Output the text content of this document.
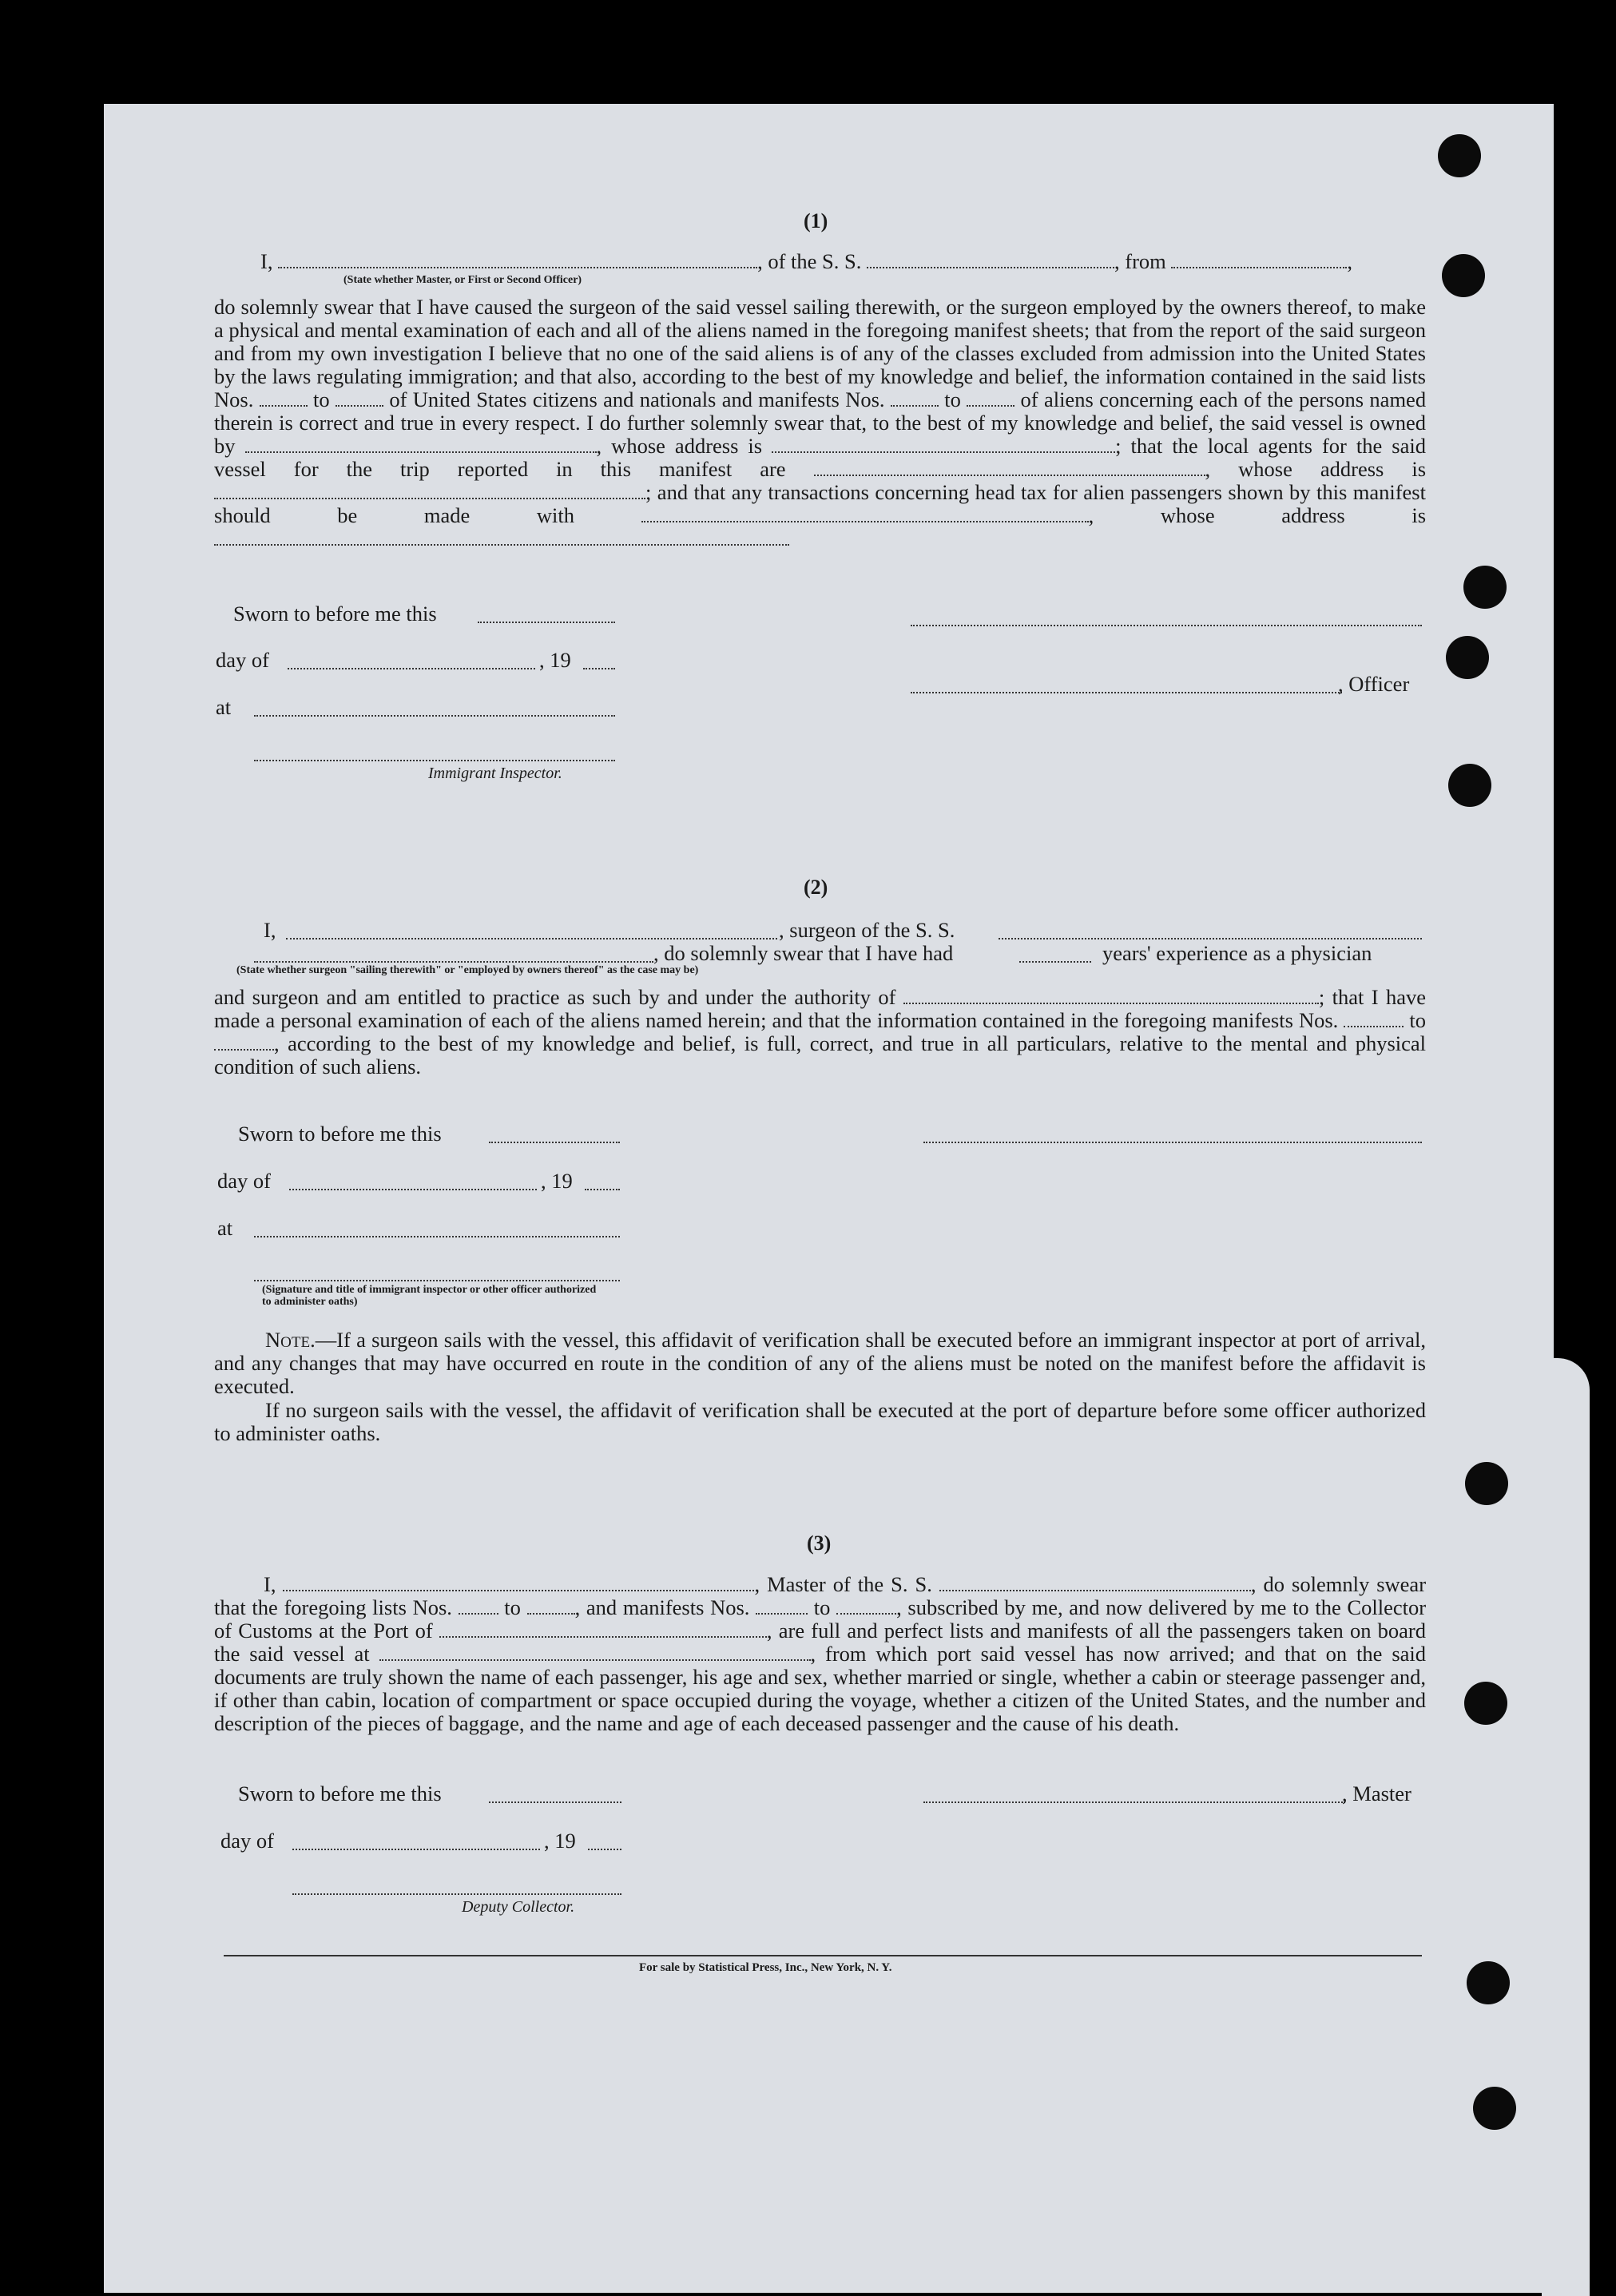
(1)
I,	, of the S. S.	, from	,
(State whether Master, or First or Second Officer)
do solemnly swear that I have caused the surgeon of the said vessel sailing therewith, or the surgeon employed by the owners thereof, to make a physical and mental examination of each and all of the aliens named in the foregoing manifest sheets; that from the report of the said surgeon and from my own investigation I believe that no one of the said aliens is of any of the classes excluded from admission into the United States by the laws regulating immigration; and that also, according to the best of my knowledge and belief, the information contained in the said lists Nos.	to	of United States citizens and nationals and manifests Nos.	to	of aliens concerning each of the persons named therein is correct and true in every respect. I do further solemnly swear that, to the best of my knowledge and belief, the said vessel is owned by	, whose address is	; that the local agents for the said vessel for the trip reported in this manifest are	, whose address is ; and that any transactions concerning head tax for alien passengers shown by this manifest should be made with	, whose address is
Sworn to before me this
day of	, 19
at
Immigrant Inspector.
, Officer
(2)
I,	, surgeon of the S. S.
, do solemnly swear that I have had	years' experience as a physician
(State whether surgeon "sailing therewith" or "employed by owners thereof" as the case may be)
and surgeon and am entitled to practice as such by and under the authority of	; that I have made a personal examination of each of the aliens named herein; and that the information contained in the foregoing manifests Nos.	to , according to the best of my knowledge and belief, is full, correct, and true in all particulars, relative to the mental and physical condition of such aliens.
Sworn to before me this
day of	, 19
at
(Signature and title of immigrant inspector or other officer authorized to administer oaths)
Note.—If a surgeon sails with the vessel, this affidavit of verification shall be executed before an immigrant inspector at port of arrival, and any changes that may have occurred en route in the condition of any of the aliens must be noted on the manifest before the affidavit is executed.
If no surgeon sails with the vessel, the affidavit of verification shall be executed at the port of departure before some officer authorized to administer oaths.
(3)
I,	, Master of the S. S.	, do solemnly swear that the foregoing lists Nos. to	, and manifests Nos.	to	, subscribed by me, and now delivered by me to the Collector of Customs at the Port of	, are full and perfect lists and manifests of all the passengers taken on board the said vessel at	, from which port said vessel has now arrived; and that on the said documents are truly shown the name of each passenger, his age and sex, whether married or single, whether a cabin or steerage passenger and, if other than cabin, location of compartment or space occupied during the voyage, whether a citizen of the United States, and the number and description of the pieces of baggage, and the name and age of each deceased passenger and the cause of his death.
Sworn to before me this	, Master
day of	, 19
Deputy Collector.
For sale by Statistical Press, Inc., New York, N. Y.
